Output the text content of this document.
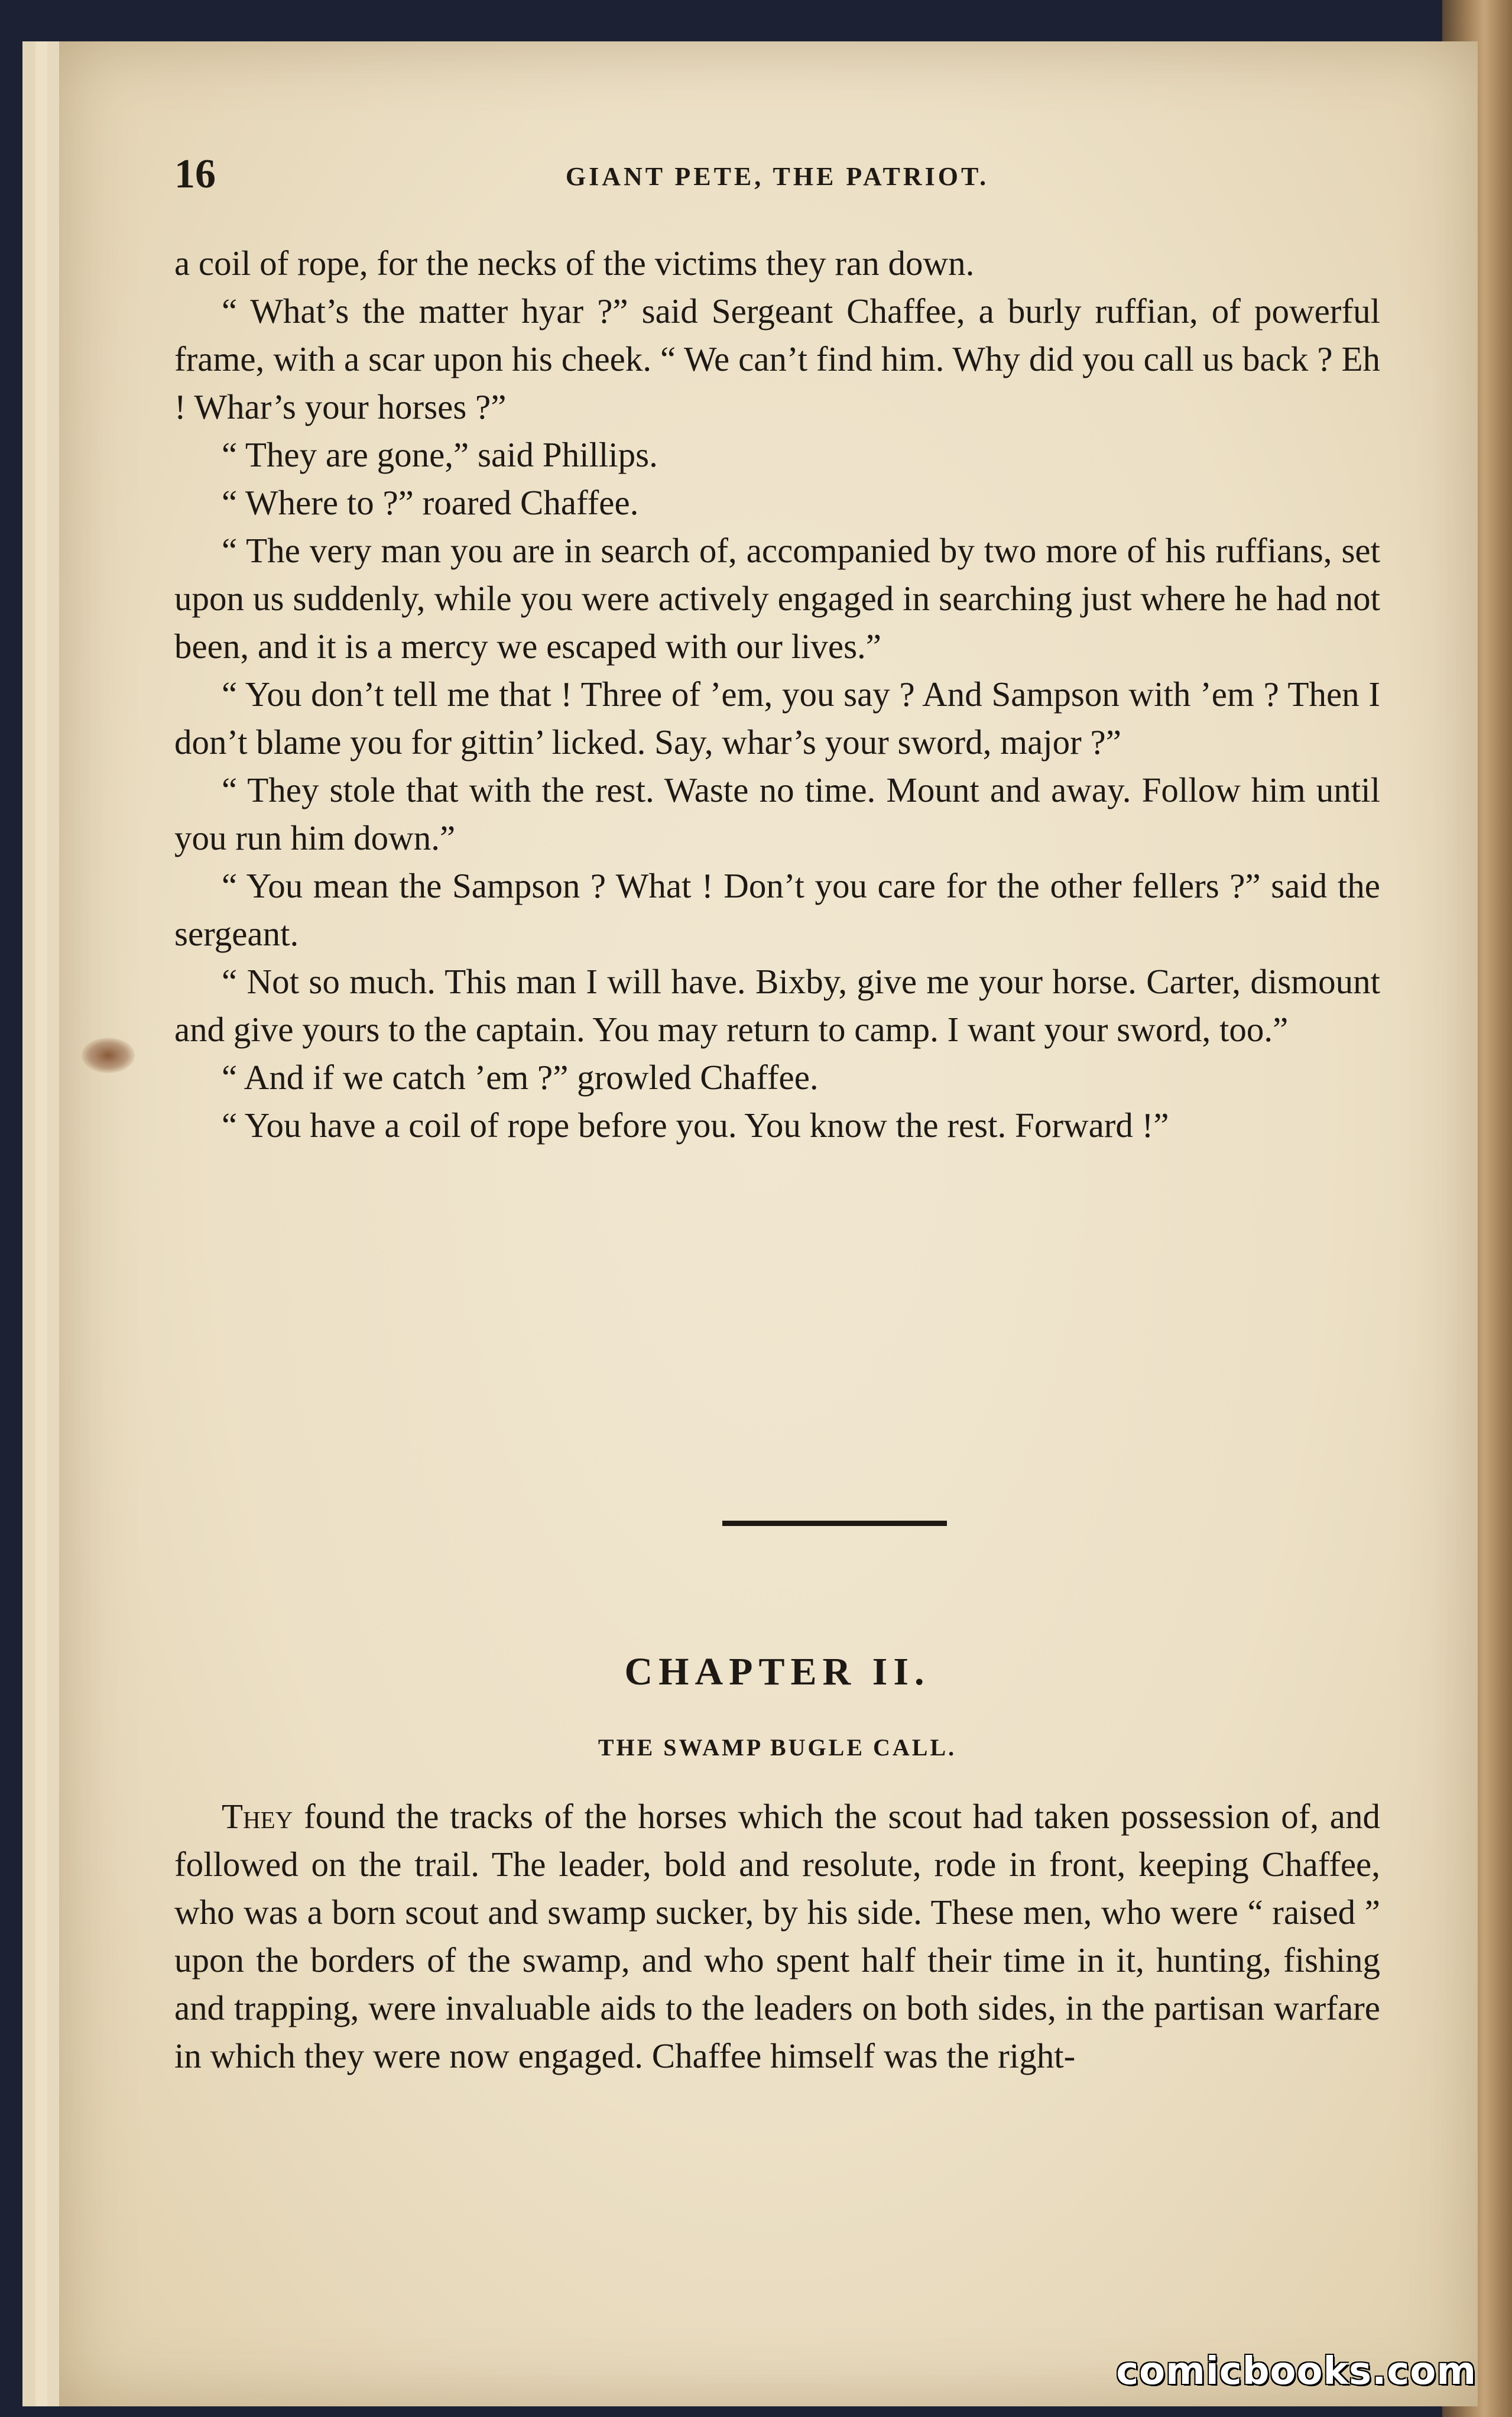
16	GIANT PETE, THE PATRIOT.

a coil of rope, for the necks of the victims they ran down.

“ What’s the matter hyar ?” said Sergeant Chaffee, a burly ruffian, of powerful frame, with a scar upon his cheek. “ We can’t find him. Why did you call us back ? Eh ! Whar’s your horses ?”

“ They are gone,” said Phillips.

“ Where to ?” roared Chaffee.

“ The very man you are in search of, accompanied by two more of his ruffians, set upon us suddenly, while you were actively engaged in searching just where he had not been, and it is a mercy we escaped with our lives.”

“ You don’t tell me that ! Three of ’em, you say ? And Sampson with ’em ? Then I don’t blame you for gittin’ licked. Say, whar’s your sword, major ?”

“ They stole that with the rest. Waste no time. Mount and away. Follow him until you run him down.”

“ You mean the Sampson ? What ! Don’t you care for the other fellers ?” said the sergeant.

“ Not so much. This man I will have. Bixby, give me your horse. Carter, dismount and give yours to the captain. You may return to camp. I want your sword, too.”

“ And if we catch ’em ?” growled Chaffee.

“ You have a coil of rope before you. You know the rest. Forward !”

CHAPTER II.
THE SWAMP BUGLE CALL.

They found the tracks of the horses which the scout had taken possession of, and followed on the trail. The leader, bold and resolute, rode in front, keeping Chaffee, who was a born scout and swamp sucker, by his side. These men, who were “ raised ” upon the borders of the swamp, and who spent half their time in it, hunting, fishing and trapping, were invaluable aids to the leaders on both sides, in the partisan warfare in which they were now engaged. Chaffee himself was the right-

comicbooks.com
